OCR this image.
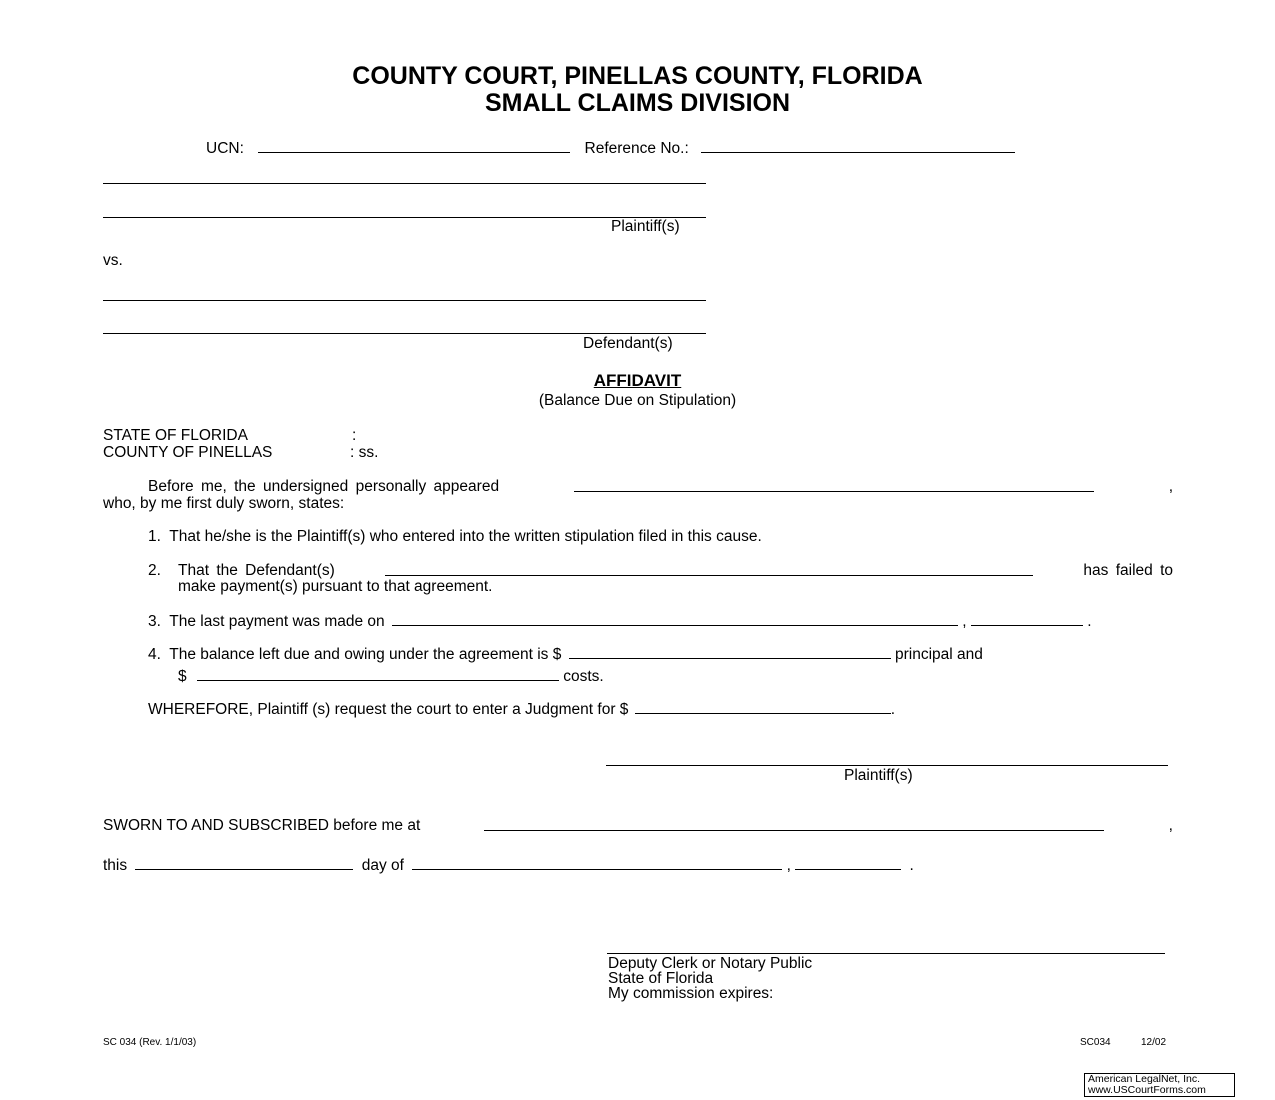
COUNTY COURT, PINELLAS COUNTY, FLORIDA
SMALL CLAIMS DIVISION
UCN:	Reference No.:
Plaintiff(s)
vs.
Defendant(s)
AFFIDAVIT
(Balance Due on Stipulation)
STATE OF FLORIDA	:
COUNTY OF PINELLAS	: ss.
Before me, the undersigned personally appeared	,
who, by me first duly sworn, states:
1. That he/she is the Plaintiff(s) who entered into the written stipulation filed in this cause.
2. That the Defendant(s)	has failed to
make payment(s) pursuant to that agreement.
3. The last payment was made on	,	.
4. The balance left due and owing under the agreement is $	principal and
$	costs.
WHEREFORE, Plaintiff (s) request the court to enter a Judgment for $	.
Plaintiff(s)
SWORN TO AND SUBSCRIBED before me at	,
this	day of	,	.
Deputy Clerk or Notary Public
State of Florida
My commission expires:
SC 034 (Rev. 1/1/03)	SC034	12/02
American LegalNet, Inc.
www.USCourtForms.com
